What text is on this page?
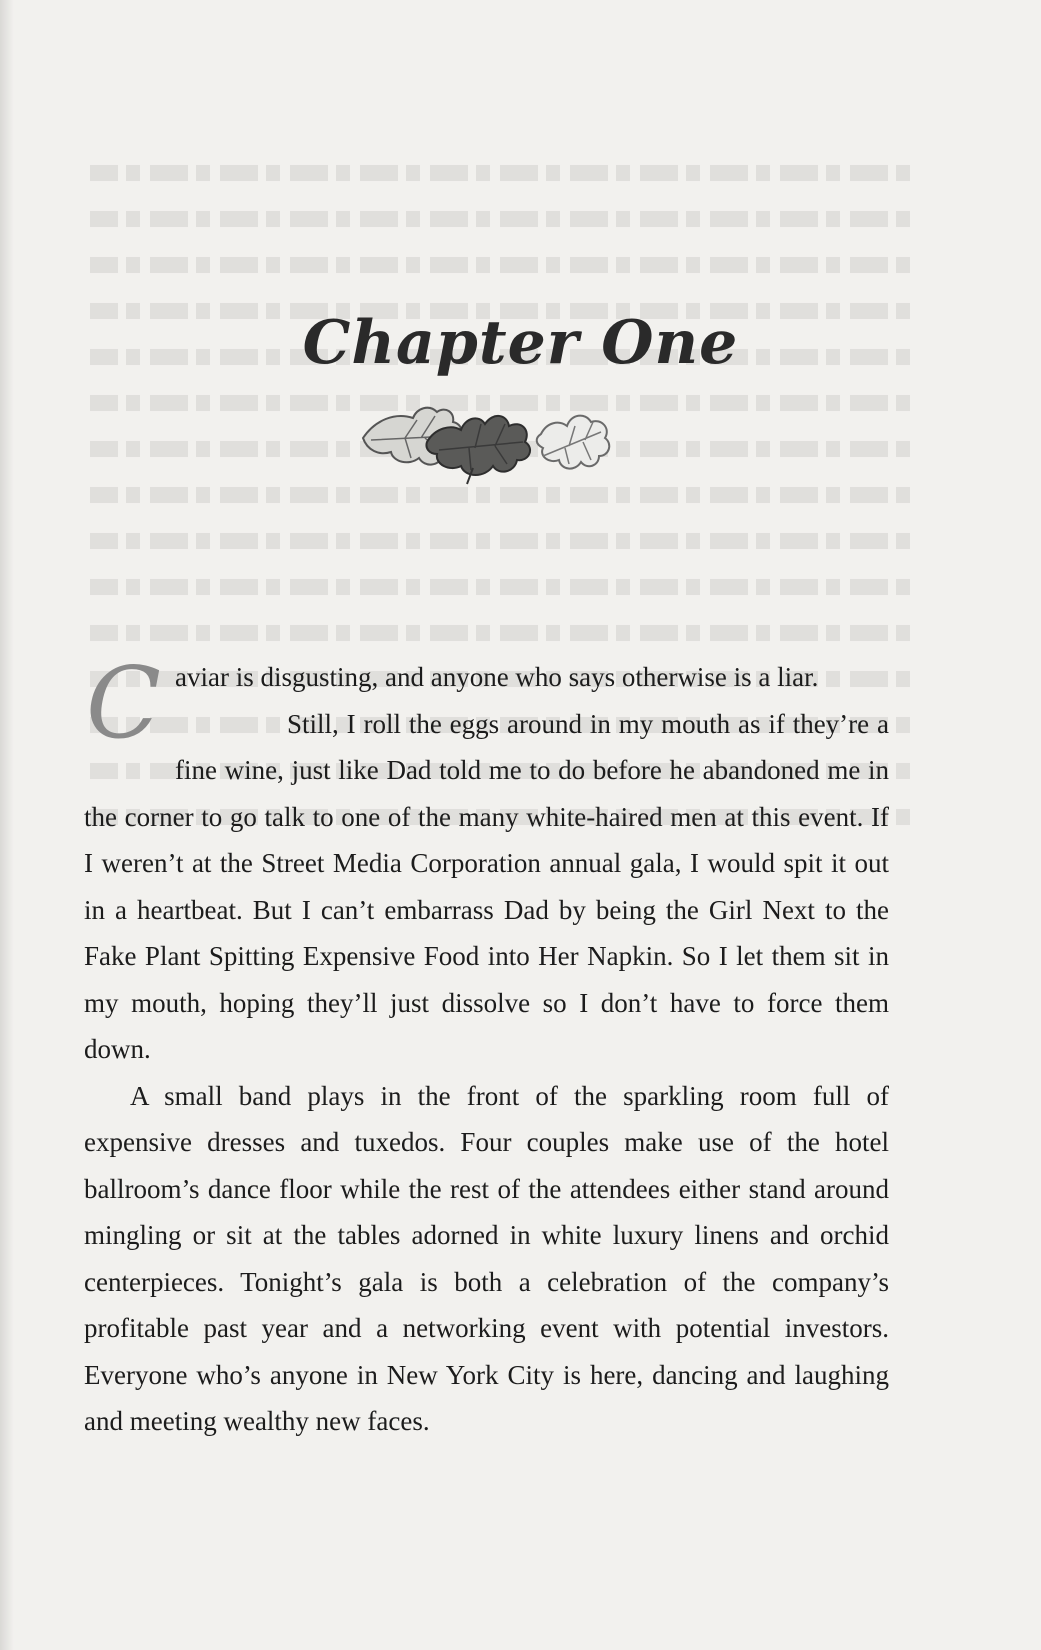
Chapter One

Caviar is disgusting, and anyone who says otherwise is a liar.

Still, I roll the eggs around in my mouth as if they’re a fine wine, just like Dad told me to do before he abandoned me in the corner to go talk to one of the many white-haired men at this event. If I weren’t at the Street Media Corporation annual gala, I would spit it out in a heartbeat. But I can’t embarrass Dad by being the Girl Next to the Fake Plant Spitting Expensive Food into Her Napkin. So I let them sit in my mouth, hoping they’ll just dissolve so I don’t have to force them down.

A small band plays in the front of the sparkling room full of expensive dresses and tuxedos. Four couples make use of the hotel ballroom’s dance floor while the rest of the attendees either stand around mingling or sit at the tables adorned in white luxury linens and orchid centerpieces. Tonight’s gala is both a celebration of the company’s profitable past year and a networking event with potential investors. Everyone who’s anyone in New York City is here, dancing and laughing and meeting wealthy new faces.
